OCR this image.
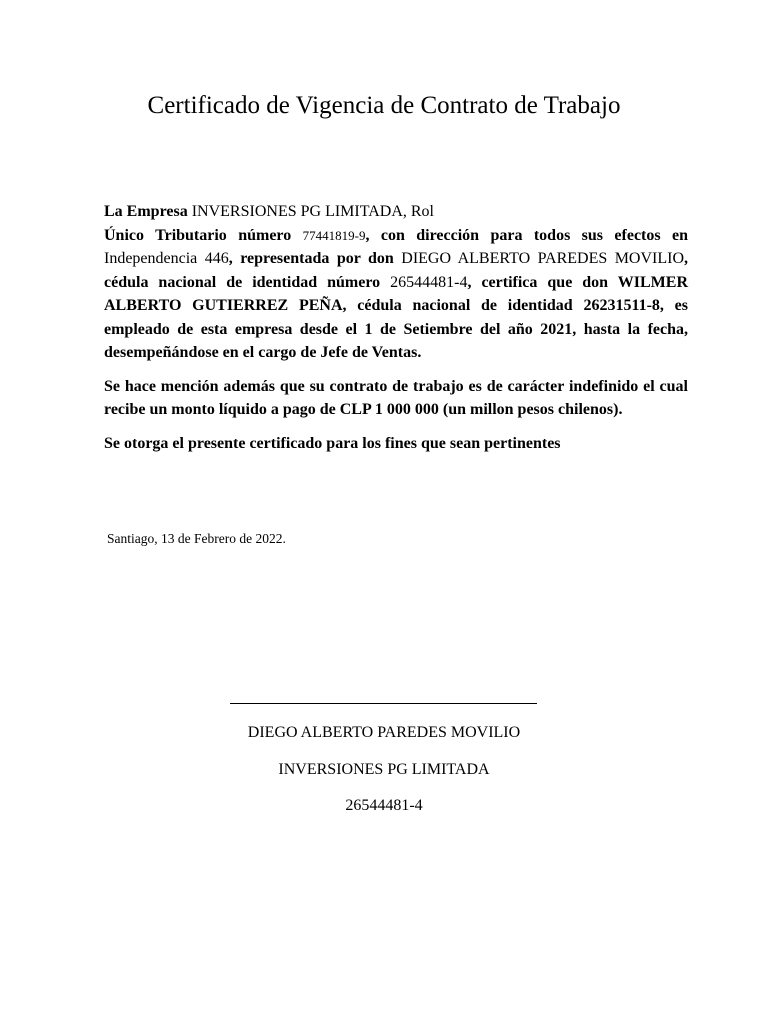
Certificado de Vigencia de Contrato de Trabajo

La Empresa INVERSIONES PG LIMITADA, Rol
Único Tributario número 77441819-9, con dirección para todos sus efectos en Independencia 446, representada por don DIEGO ALBERTO PAREDES MOVILIO, cédula nacional de identidad número 26544481-4, certifica que don WILMER ALBERTO GUTIERREZ PEÑA, cédula nacional de identidad 26231511-8, es empleado de esta empresa desde el 1 de Setiembre del año 2021, hasta la fecha, desempeñándose en el cargo de Jefe de Ventas.

Se hace mención además que su contrato de trabajo es de carácter indefinido el cual recibe un monto líquido a pago de CLP 1 000 000 (un millon pesos chilenos).

Se otorga el presente certificado para los fines que sean pertinentes

Santiago, 13 de Febrero de 2022.
DIEGO ALBERTO PAREDES MOVILIO
INVERSIONES PG LIMITADA
26544481-4
